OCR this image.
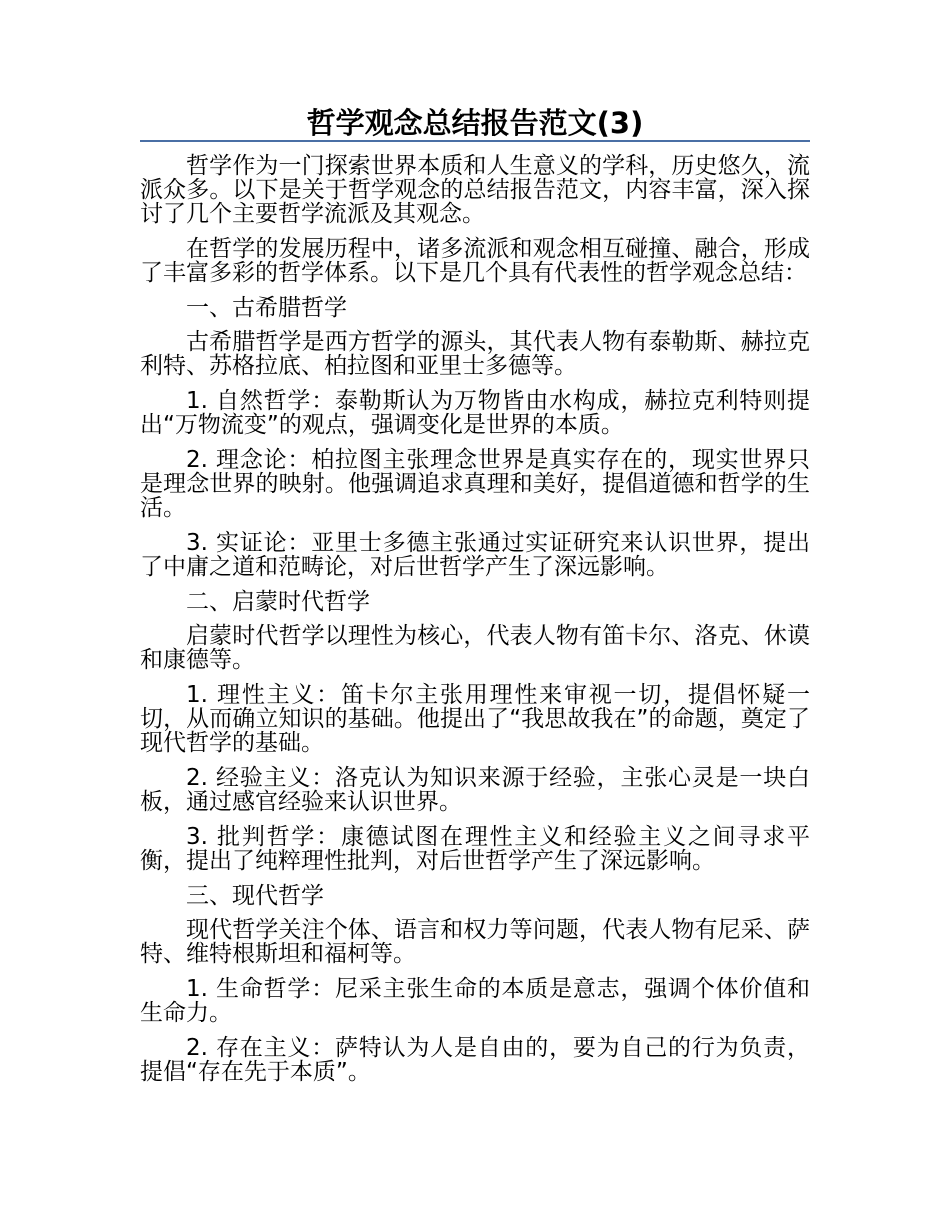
哲学观念总结报告范文(3)

哲学作为一门探索世界本质和人生意义的学科，历史悠久，流派众多。以下是关于哲学观念的总结报告范文，内容丰富，深入探讨了几个主要哲学流派及其观念。

在哲学的发展历程中，诸多流派和观念相互碰撞、融合，形成了丰富多彩的哲学体系。以下是几个具有代表性的哲学观念总结：

一、古希腊哲学

古希腊哲学是西方哲学的源头，其代表人物有泰勒斯、赫拉克利特、苏格拉底、柏拉图和亚里士多德等。

1. 自然哲学：泰勒斯认为万物皆由水构成，赫拉克利特则提出“万物流变”的观点，强调变化是世界的本质。

2. 理念论：柏拉图主张理念世界是真实存在的，现实世界只是理念世界的映射。他强调追求真理和美好，提倡道德和哲学的生活。

3. 实证论：亚里士多德主张通过实证研究来认识世界，提出了中庸之道和范畴论，对后世哲学产生了深远影响。

二、启蒙时代哲学

启蒙时代哲学以理性为核心，代表人物有笛卡尔、洛克、休谟和康德等。

1. 理性主义：笛卡尔主张用理性来审视一切，提倡怀疑一切，从而确立知识的基础。他提出了“我思故我在”的命题，奠定了现代哲学的基础。

2. 经验主义：洛克认为知识来源于经验，主张心灵是一块白板，通过感官经验来认识世界。

3. 批判哲学：康德试图在理性主义和经验主义之间寻求平衡，提出了纯粹理性批判，对后世哲学产生了深远影响。

三、现代哲学

现代哲学关注个体、语言和权力等问题，代表人物有尼采、萨特、维特根斯坦和福柯等。

1. 生命哲学：尼采主张生命的本质是意志，强调个体价值和生命力。

2. 存在主义：萨特认为人是自由的，要为自己的行为负责，提倡“存在先于本质”。
